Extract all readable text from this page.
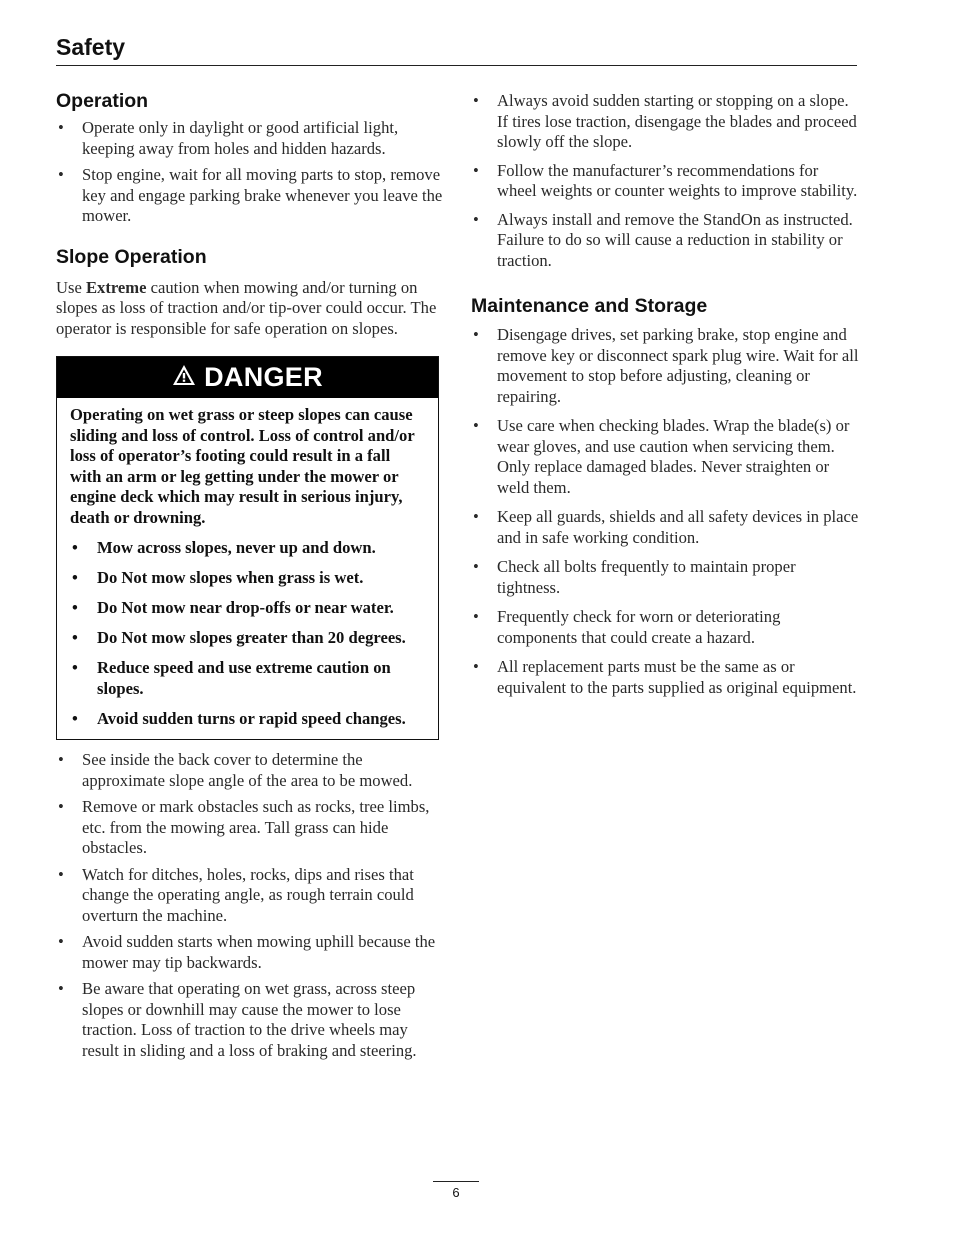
Safety
Operation
• Operate only in daylight or good artificial light, keeping away from holes and hidden hazards.
• Stop engine, wait for all moving parts to stop, remove key and engage parking brake whenever you leave the mower.
Slope Operation

Use Extreme caution when mowing and/or turning on slopes as loss of traction and/or tip-over could occur. The operator is responsible for safe operation on slopes.

DANGER

Operating on wet grass or steep slopes can cause sliding and loss of control. Loss of control and/or loss of operator’s footing could result in a fall with an arm or leg getting under the mower or engine deck which may result in serious injury, death or drowning.

• Mow across slopes, never up and down.
• Do Not mow slopes when grass is wet.
• Do Not mow near drop-offs or near water.
• Do Not mow slopes greater than 20 degrees.
• Reduce speed and use extreme caution on slopes.
• Avoid sudden turns or rapid speed changes.
• See inside the back cover to determine the approximate slope angle of the area to be mowed.
• Remove or mark obstacles such as rocks, tree limbs, etc. from the mowing area. Tall grass can hide obstacles.
• Watch for ditches, holes, rocks, dips and rises that change the operating angle, as rough terrain could overturn the machine.
• Avoid sudden starts when mowing uphill because the mower may tip backwards.
• Be aware that operating on wet grass, across steep slopes or downhill may cause the mower to lose traction. Loss of traction to the drive wheels may result in sliding and a loss of braking and steering.
• Always avoid sudden starting or stopping on a slope. If tires lose traction, disengage the blades and proceed slowly off the slope.
• Follow the manufacturer’s recommendations for wheel weights or counter weights to improve stability.
• Always install and remove the StandOn as instructed. Failure to do so will cause a reduction in stability or traction.
Maintenance and Storage
• Disengage drives, set parking brake, stop engine and remove key or disconnect spark plug wire. Wait for all movement to stop before adjusting, cleaning or repairing.
• Use care when checking blades. Wrap the blade(s) or wear gloves, and use caution when servicing them. Only replace damaged blades. Never straighten or weld them.
• Keep all guards, shields and all safety devices in place and in safe working condition.
• Check all bolts frequently to maintain proper tightness.
• Frequently check for worn or deteriorating components that could create a hazard.
• All replacement parts must be the same as or equivalent to the parts supplied as original equipment.
6
